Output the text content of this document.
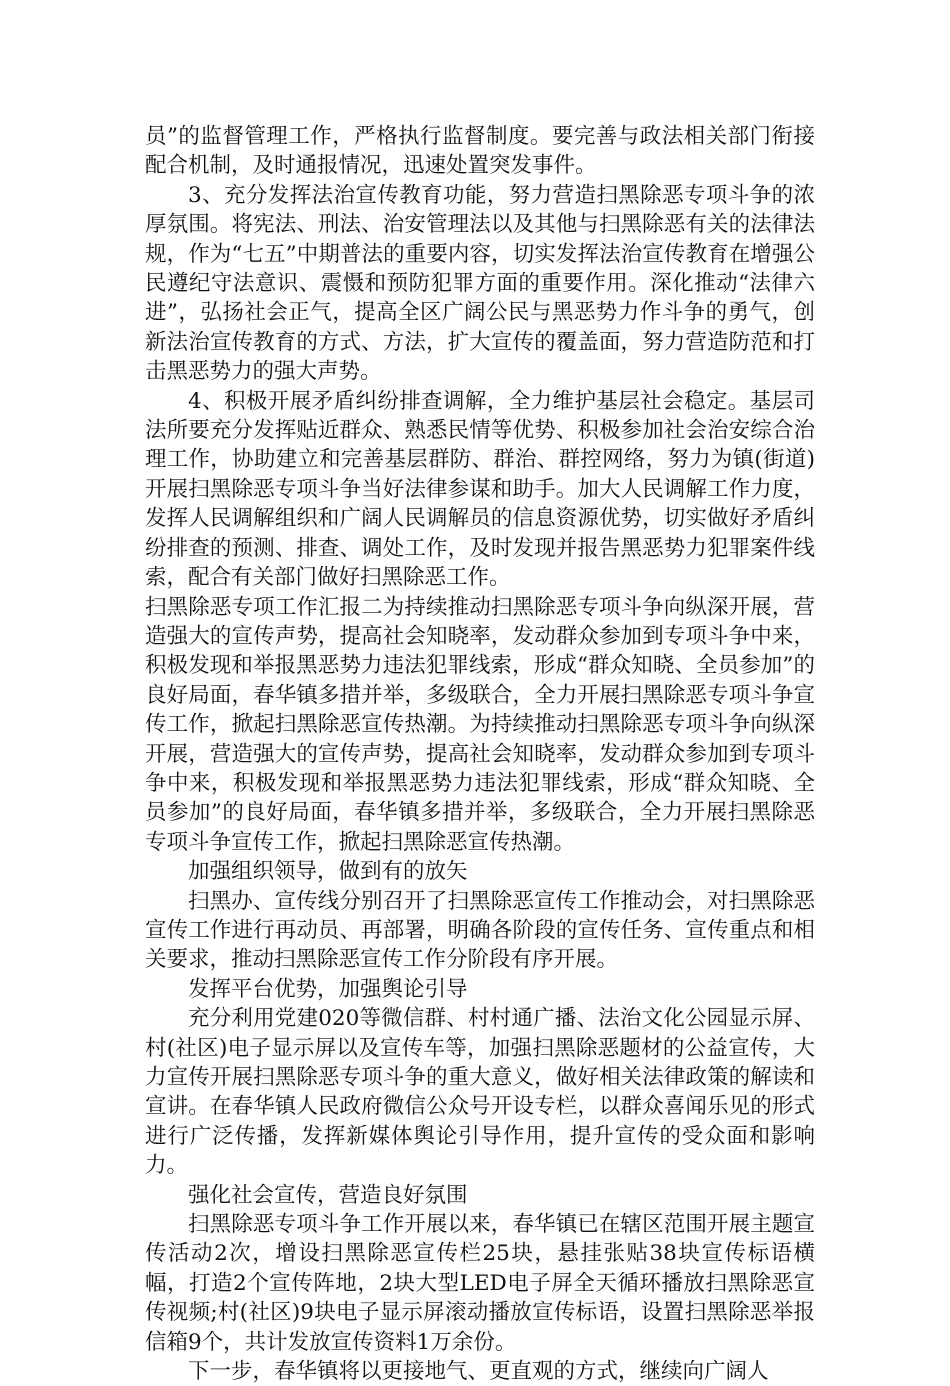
员”的监督管理工作，严格执行监督制度。要完善与政法相关部门衔接配合机制，及时通报情况，迅速处置突发事件。

3、充分发挥法治宣传教育功能，努力营造扫黑除恶专项斗争的浓厚氛围。将宪法、刑法、治安管理法以及其他与扫黑除恶有关的法律法规，作为“七五”中期普法的重要内容，切实发挥法治宣传教育在增强公民遵纪守法意识、震慑和预防犯罪方面的重要作用。深化推动“法律六进”，弘扬社会正气，提高全区广阔公民与黑恶势力作斗争的勇气，创新法治宣传教育的方式、方法，扩大宣传的覆盖面，努力营造防范和打击黑恶势力的强大声势。

4、积极开展矛盾纠纷排查调解，全力维护基层社会稳定。基层司法所要充分发挥贴近群众、熟悉民情等优势、积极参加社会治安综合治理工作，协助建立和完善基层群防、群治、群控网络，努力为镇(街道)开展扫黑除恶专项斗争当好法律参谋和助手。加大人民调解工作力度，发挥人民调解组织和广阔人民调解员的信息资源优势，切实做好矛盾纠纷排查的预测、排查、调处工作，及时发现并报告黑恶势力犯罪案件线索，配合有关部门做好扫黑除恶工作。

扫黑除恶专项工作汇报二为持续推动扫黑除恶专项斗争向纵深开展，营造强大的宣传声势，提高社会知晓率，发动群众参加到专项斗争中来，积极发现和举报黑恶势力违法犯罪线索，形成“群众知晓、全员参加”的良好局面，春华镇多措并举，多级联合，全力开展扫黑除恶专项斗争宣传工作，掀起扫黑除恶宣传热潮。为持续推动扫黑除恶专项斗争向纵深开展，营造强大的宣传声势，提高社会知晓率，发动群众参加到专项斗争中来，积极发现和举报黑恶势力违法犯罪线索，形成“群众知晓、全员参加”的良好局面，春华镇多措并举，多级联合，全力开展扫黑除恶专项斗争宣传工作，掀起扫黑除恶宣传热潮。

加强组织领导，做到有的放矢

扫黑办、宣传线分别召开了扫黑除恶宣传工作推动会，对扫黑除恶宣传工作进行再动员、再部署，明确各阶段的宣传任务、宣传重点和相关要求，推动扫黑除恶宣传工作分阶段有序开展。

发挥平台优势，加强舆论引导

充分利用党建020等微信群、村村通广播、法治文化公园显示屏、村(社区)电子显示屏以及宣传车等，加强扫黑除恶题材的公益宣传，大力宣传开展扫黑除恶专项斗争的重大意义，做好相关法律政策的解读和宣讲。在春华镇人民政府微信公众号开设专栏，以群众喜闻乐见的形式进行广泛传播，发挥新媒体舆论引导作用，提升宣传的受众面和影响力。

强化社会宣传，营造良好氛围

扫黑除恶专项斗争工作开展以来，春华镇已在辖区范围开展主题宣传活动2次，增设扫黑除恶宣传栏25块，悬挂张贴38块宣传标语横幅，打造2个宣传阵地，2块大型LED电子屏全天循环播放扫黑除恶宣传视频;村(社区)9块电子显示屏滚动播放宣传标语，设置扫黑除恶举报信箱9个，共计发放宣传资料1万余份。

下一步，春华镇将以更接地气、更直观的方式，继续向广阔人
